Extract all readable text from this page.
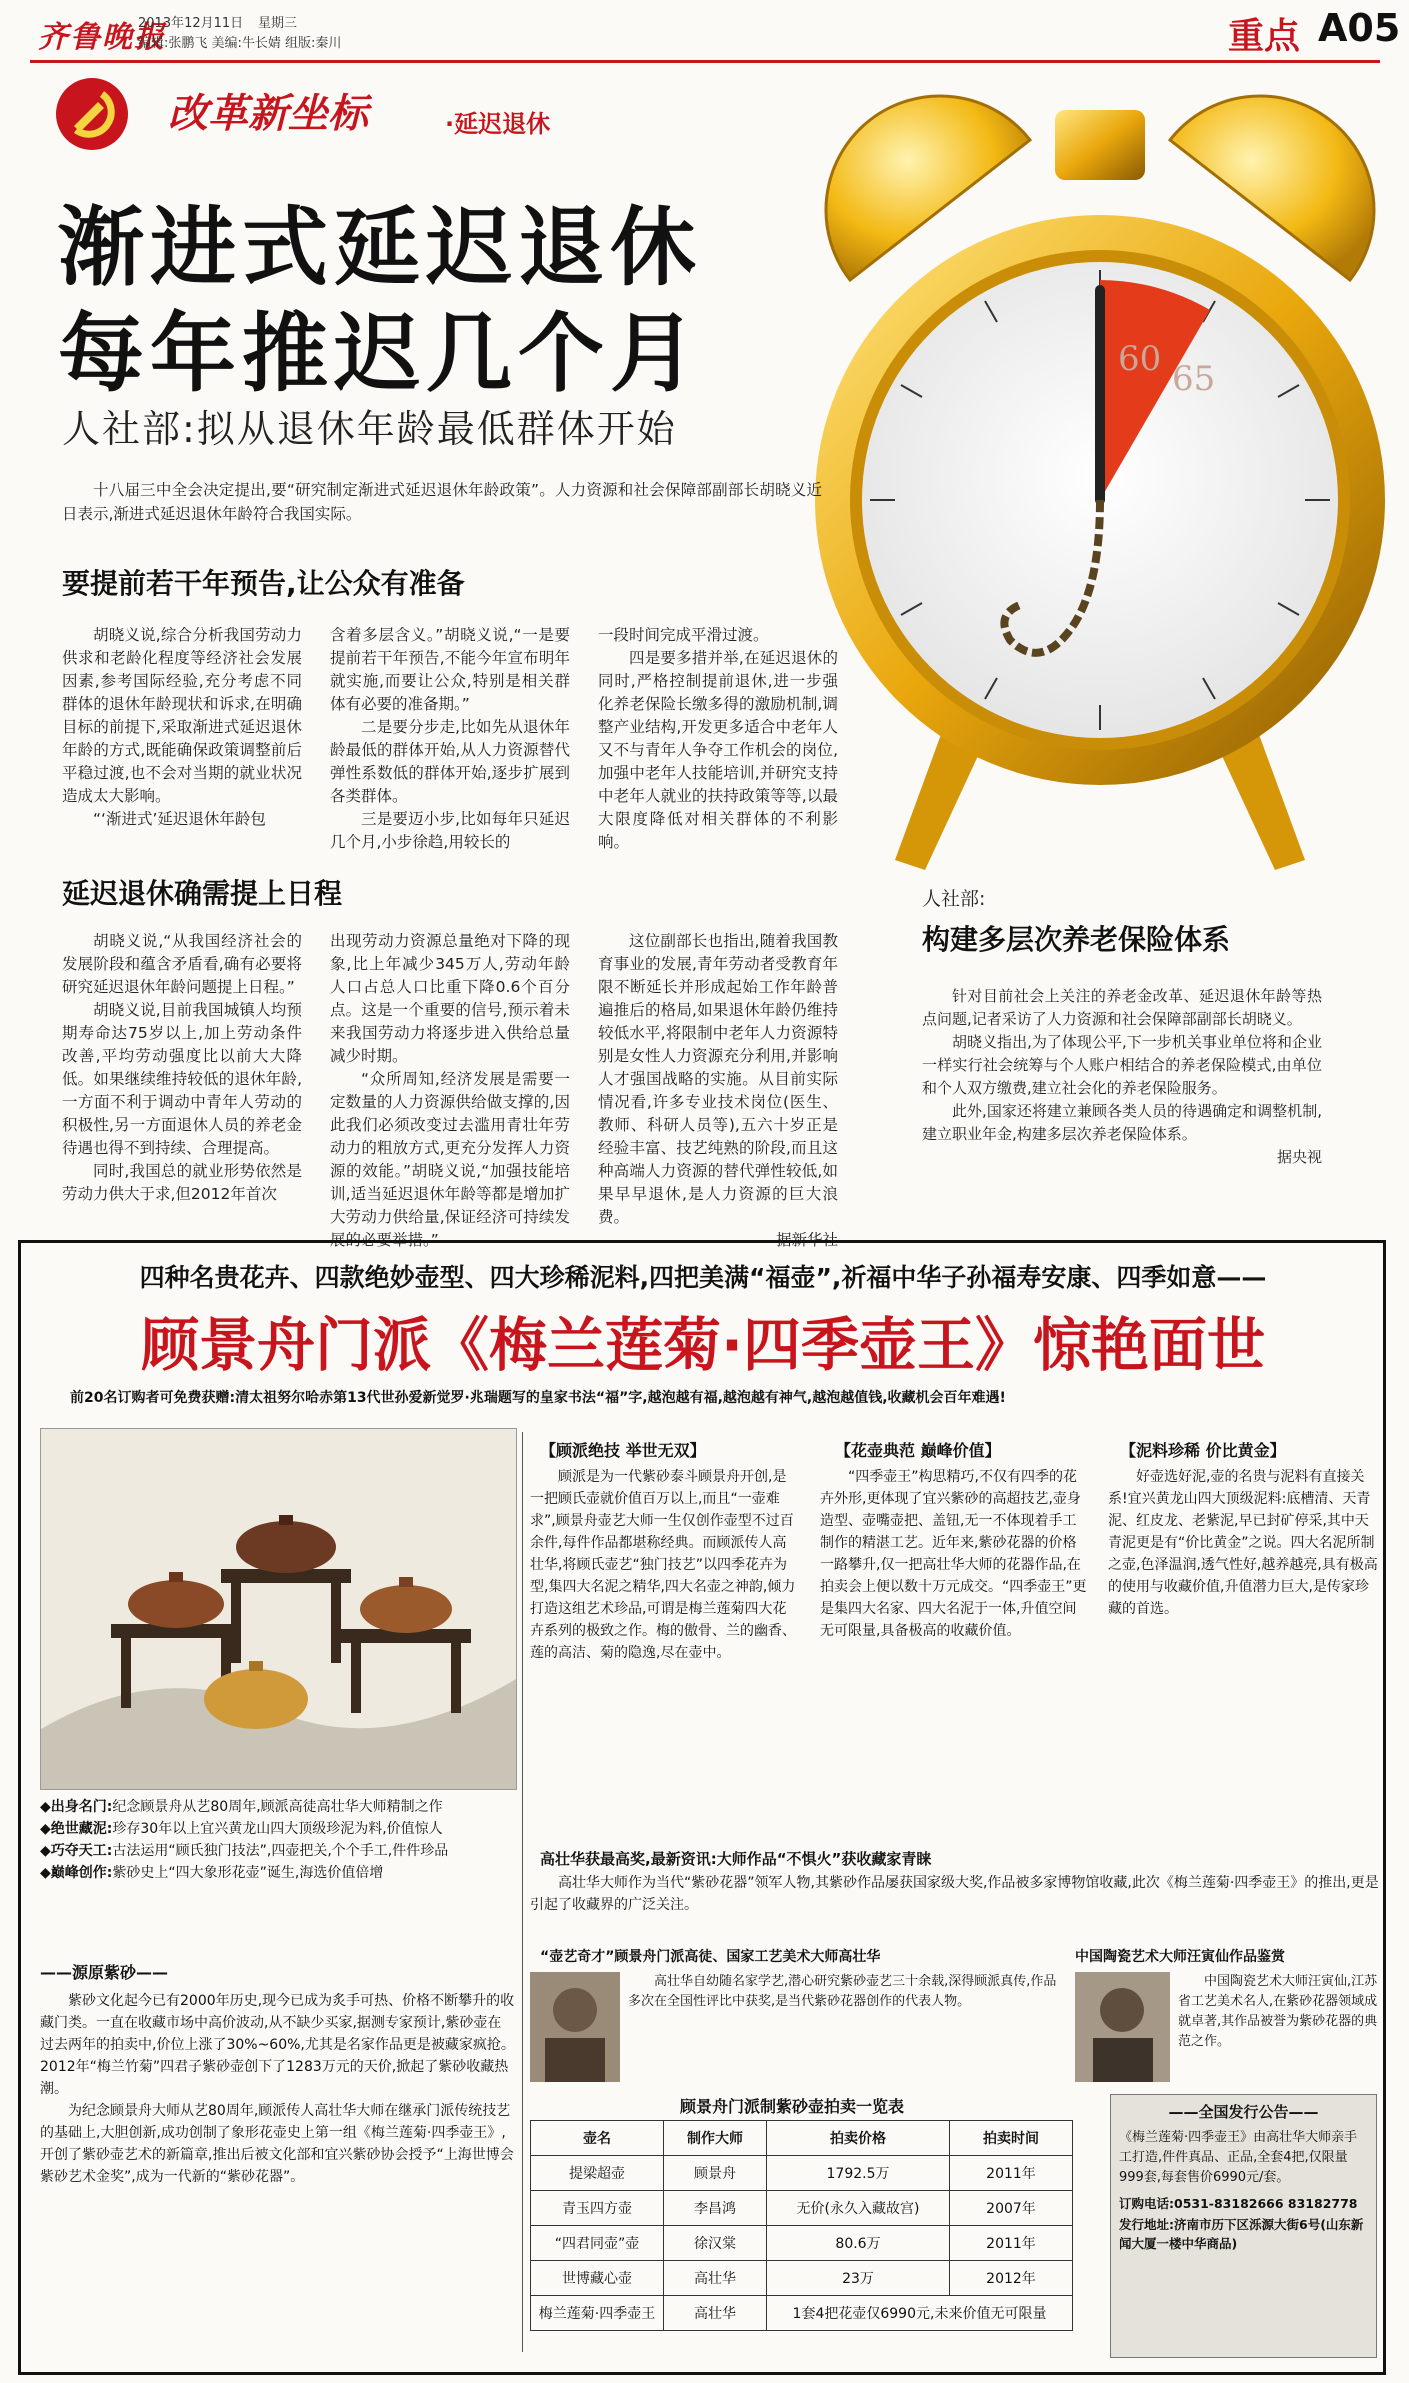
齐鲁晚报
2013年12月11日 星期三
编辑:张鹏飞 美编:牛长婧 组版:秦川	重点 A05
改革新坐标	·延迟退休
渐进式延迟退休
每年推迟几个月
人社部:拟从退休年龄最低群体开始
60 65

十八届三中全会决定提出,要“研究制定渐进式延迟退休年龄政策”。人力资源和社会保障部副部长胡晓义近日表示,渐进式延迟退休年龄符合我国实际。

要提前若干年预告,让公众有准备

胡晓义说,综合分析我国劳动力供求和老龄化程度等经济社会发展因素,参考国际经验,充分考虑不同群体的退休年龄现状和诉求,在明确目标的前提下,采取渐进式延迟退休年龄的方式,既能确保政策调整前后平稳过渡,也不会对当期的就业状况造成太大影响。

“‘渐进式’延迟退休年龄包

含着多层含义。”胡晓义说,“一是要提前若干年预告,不能今年宣布明年就实施,而要让公众,特别是相关群体有必要的准备期。”

二是要分步走,比如先从退休年龄最低的群体开始,从人力资源替代弹性系数低的群体开始,逐步扩展到各类群体。

三是要迈小步,比如每年只延迟几个月,小步徐趋,用较长的

一段时间完成平滑过渡。

四是要多措并举,在延迟退休的同时,严格控制提前退休,进一步强化养老保险长缴多得的激励机制,调整产业结构,开发更多适合中老年人又不与青年人争夺工作机会的岗位,加强中老年人技能培训,并研究支持中老年人就业的扶持政策等等,以最大限度降低对相关群体的不利影响。

延迟退休确需提上日程

胡晓义说,“从我国经济社会的发展阶段和蕴含矛盾看,确有必要将研究延迟退休年龄问题提上日程。”

胡晓义说,目前我国城镇人均预期寿命达75岁以上,加上劳动条件改善,平均劳动强度比以前大大降低。如果继续维持较低的退休年龄,一方面不利于调动中青年人劳动的积极性,另一方面退休人员的养老金待遇也得不到持续、合理提高。

同时,我国总的就业形势依然是劳动力供大于求,但2012年首次

出现劳动力资源总量绝对下降的现象,比上年减少345万人,劳动年龄人口占总人口比重下降0.6个百分点。这是一个重要的信号,预示着未来我国劳动力将逐步进入供给总量减少时期。

“众所周知,经济发展是需要一定数量的人力资源供给做支撑的,因此我们必须改变过去滥用青壮年劳动力的粗放方式,更充分发挥人力资源的效能。”胡晓义说,“加强技能培训,适当延迟退休年龄等都是增加扩大劳动力供给量,保证经济可持续发展的必要举措。”

这位副部长也指出,随着我国教育事业的发展,青年劳动者受教育年限不断延长并形成起始工作年龄普遍推后的格局,如果退休年龄仍维持较低水平,将限制中老年人力资源特别是女性人力资源充分利用,并影响人才强国战略的实施。从目前实际情况看,许多专业技术岗位(医生、教师、科研人员等),五六十岁正是经验丰富、技艺纯熟的阶段,而且这种高端人力资源的替代弹性较低,如果早早退休,是人力资源的巨大浪费。

据新华社

人社部:
构建多层次养老保险体系

针对目前社会上关注的养老金改革、延迟退休年龄等热点问题,记者采访了人力资源和社会保障部副部长胡晓义。

胡晓义指出,为了体现公平,下一步机关事业单位将和企业一样实行社会统筹与个人账户相结合的养老保险模式,由单位和个人双方缴费,建立社会化的养老保险服务。

此外,国家还将建立兼顾各类人员的待遇确定和调整机制,建立职业年金,构建多层次养老保险体系。

据央视

四种名贵花卉、四款绝妙壶型、四大珍稀泥料,四把美满“福壶”,祈福中华子孙福寿安康、四季如意——
顾景舟门派《梅兰莲菊·四季壶王》惊艳面世
前20名订购者可免费获赠:清太祖努尔哈赤第13代世孙爱新觉罗·兆瑞题写的皇家书法“福”字,越泡越有福,越泡越有神气,越泡越值钱,收藏机会百年难遇!
◆出身名门:纪念顾景舟从艺80周年,顾派高徒高壮华大师精制之作
◆绝世藏泥:珍存30年以上宜兴黄龙山四大顶级珍泥为料,价值惊人
◆巧夺天工:古法运用“顾氏独门技法”,四壶把关,个个手工,件件珍品
◆巅峰创作:紫砂史上“四大象形花壶”诞生,海选价值倍增
——源原紫砂——

紫砂文化起今已有2000年历史,现今已成为炙手可热、价格不断攀升的收藏门类。一直在收藏市场中高价波动,从不缺少买家,据测专家预计,紫砂壶在过去两年的拍卖中,价位上涨了30%~60%,尤其是名家作品更是被藏家疯抢。2012年“梅兰竹菊”四君子紫砂壶创下了1283万元的天价,掀起了紫砂收藏热潮。

为纪念顾景舟大师从艺80周年,顾派传人高壮华大师在继承门派传统技艺的基础上,大胆创新,成功创制了象形花壶史上第一组《梅兰莲菊·四季壶王》,开创了紫砂壶艺术的新篇章,推出后被文化部和宜兴紫砂协会授予“上海世博会紫砂艺术金奖”,成为一代新的“紫砂花器”。

【顾派绝技 举世无双】

顾派是为一代紫砂泰斗顾景舟开创,是一把顾氏壶就价值百万以上,而且“一壶难求”,顾景舟壶艺大师一生仅创作壶型不过百余件,每件作品都堪称经典。而顾派传人高壮华,将顾氏壶艺“独门技艺”以四季花卉为型,集四大名泥之精华,四大名壶之神韵,倾力打造这组艺术珍品,可谓是梅兰莲菊四大花卉系列的极致之作。梅的傲骨、兰的幽香、莲的高洁、菊的隐逸,尽在壶中。

【花壶典范 巅峰价值】

“四季壶王”构思精巧,不仅有四季的花卉外形,更体现了宜兴紫砂的高超技艺,壶身造型、壶嘴壶把、盖钮,无一不体现着手工制作的精湛工艺。近年来,紫砂花器的价格一路攀升,仅一把高壮华大师的花器作品,在拍卖会上便以数十万元成交。“四季壶王”更是集四大名家、四大名泥于一体,升值空间无可限量,具备极高的收藏价值。

【泥料珍稀 价比黄金】

好壶选好泥,壶的名贵与泥料有直接关系!宜兴黄龙山四大顶级泥料:底槽清、天青泥、红皮龙、老紫泥,早已封矿停采,其中天青泥更是有“价比黄金”之说。四大名泥所制之壶,色泽温润,透气性好,越养越亮,具有极高的使用与收藏价值,升值潜力巨大,是传家珍藏的首选。

高壮华获最高奖,最新资讯:大师作品“不惧火”获收藏家青睐

高壮华大师作为当代“紫砂花器”领军人物,其紫砂作品屡获国家级大奖,作品被多家博物馆收藏,此次《梅兰莲菊·四季壶王》的推出,更是引起了收藏界的广泛关注。

“壶艺奇才”顾景舟门派高徒、国家工艺美术大师高壮华

高壮华自幼随名家学艺,潜心研究紫砂壶艺三十余载,深得顾派真传,作品多次在全国性评比中获奖,是当代紫砂花器创作的代表人物。

中国陶瓷艺术大师汪寅仙作品鉴赏

中国陶瓷艺术大师汪寅仙,江苏省工艺美术名人,在紫砂花器领域成就卓著,其作品被誉为紫砂花器的典范之作。

顾景舟门派制紫砂壶拍卖一览表
壶名	制作大师	拍卖价格	拍卖时间
提梁超壶	顾景舟	1792.5万	2011年
青玉四方壶	李昌鸿	无价(永久入藏故宫)	2007年
“四君同壶”壶	徐汉棠	80.6万	2011年
世博藏心壶	高壮华	23万	2012年
梅兰莲菊·四季壶王	高壮华	1套4把花壶仅6990元,未来价值无可限量	
——全国发行公告——
《梅兰莲菊·四季壶王》由高壮华大师亲手工打造,件件真品、正品,全套4把,仅限量999套,每套售价6990元/套。
订购电话:0531-83182666 83182778
发行地址:济南市历下区泺源大街6号(山东新闻大厦一楼中华商品)
